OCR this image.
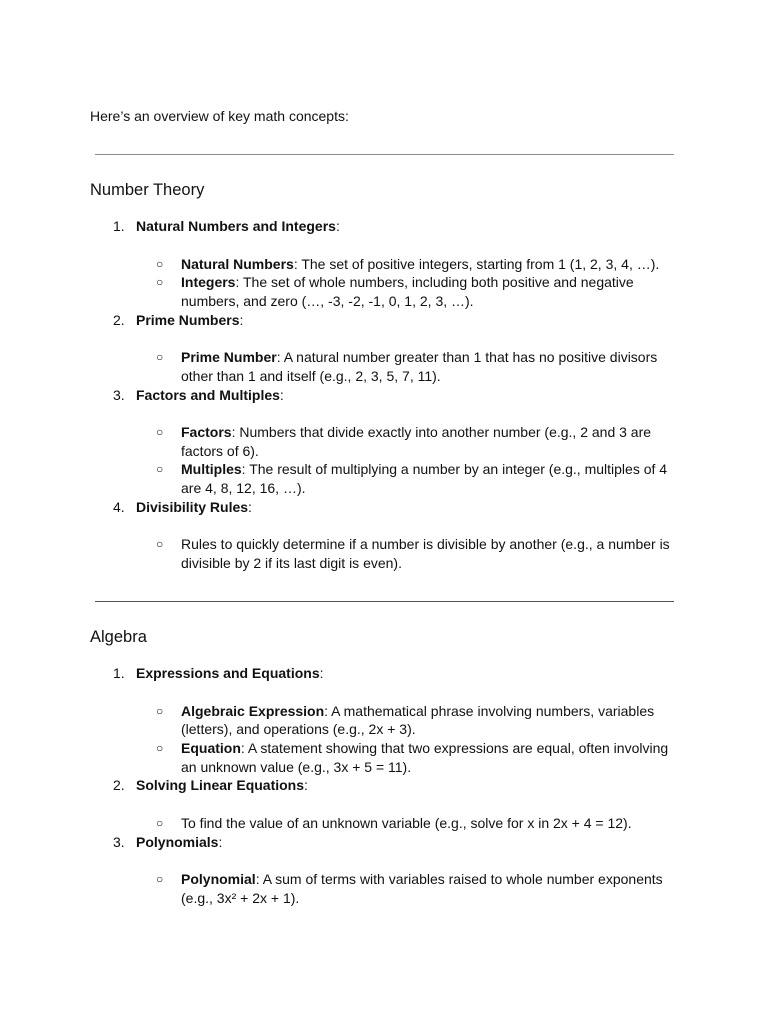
Here’s an overview of key math concepts:
Number Theory
1. Natural Numbers and Integers:
○ Natural Numbers: The set of positive integers, starting from 1 (1, 2, 3, 4, …).
○ Integers: The set of whole numbers, including both positive and negative numbers, and zero (…, -3, -2, -1, 0, 1, 2, 3, …).
2. Prime Numbers:
○ Prime Number: A natural number greater than 1 that has no positive divisors other than 1 and itself (e.g., 2, 3, 5, 7, 11).
3. Factors and Multiples:
○ Factors: Numbers that divide exactly into another number (e.g., 2 and 3 are factors of 6).
○ Multiples: The result of multiplying a number by an integer (e.g., multiples of 4 are 4, 8, 12, 16, …).
4. Divisibility Rules:
○ Rules to quickly determine if a number is divisible by another (e.g., a number is divisible by 2 if its last digit is even).
Algebra
1. Expressions and Equations:
○ Algebraic Expression: A mathematical phrase involving numbers, variables (letters), and operations (e.g., 2x + 3).
○ Equation: A statement showing that two expressions are equal, often involving an unknown value (e.g., 3x + 5 = 11).
2. Solving Linear Equations:
○ To find the value of an unknown variable (e.g., solve for x in 2x + 4 = 12).
3. Polynomials:
○ Polynomial: A sum of terms with variables raised to whole number exponents (e.g., 3x² + 2x + 1).
